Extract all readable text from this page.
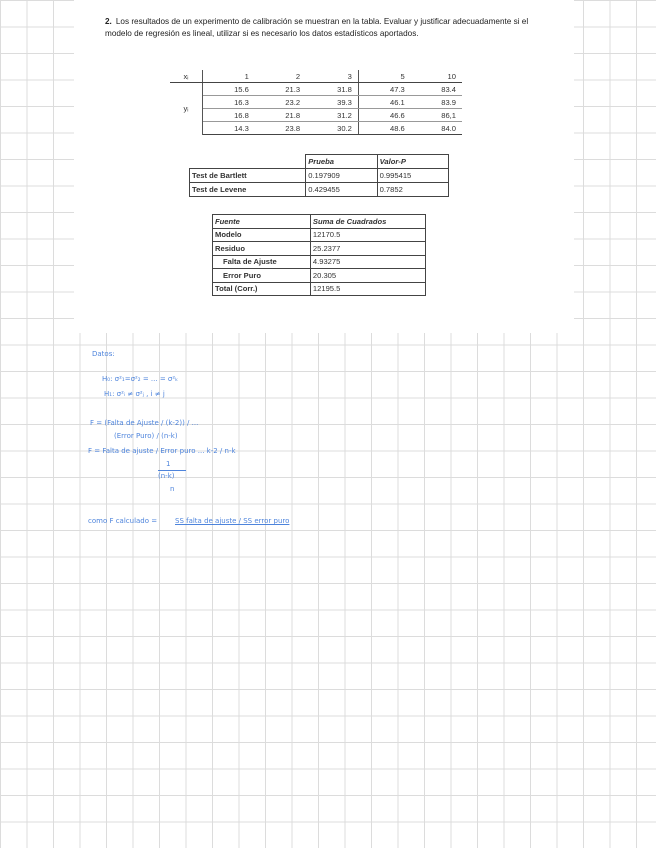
2. Los resultados de un experimento de calibración se muestran en la tabla. Evaluar y justificar adecuadamente si el modelo de regresión es lineal, utilizar si es necesario los datos estadísticos aportados.
xᵢ	1	2	3	5	10
yᵢ	15.6	21.3	31.8	47.3	83.4
	16.3	23.2	39.3	46.1	83.9
	16.8	21.8	31.2	46.6	86,1
	14.3	23.8	30.2	48.6	84.0
	Prueba	Valor-P
Test de Bartlett	0.197909	0.995415
Test de Levene	0.429455	0.7852
Fuente	Suma de Cuadrados
Modelo	12170.5
Residuo	25.2377
Falta de Ajuste	4.93275
Error Puro	20.305
Total (Corr.)	12195.5
Datos:
H₀: σ²₁=σ²₂ = ... = σ²ₖ
H₁: σ²ᵢ ≠ σ²ⱼ , i ≠ j
F = (Falta de Ajuste / (k-2)) / ...
(Error Puro) / (n-k)
F = Falta de ajuste / Error puro ... k-2 / n-k
1
(n-k)
n
como F calculado =	SS falta de ajuste / SS error puro
